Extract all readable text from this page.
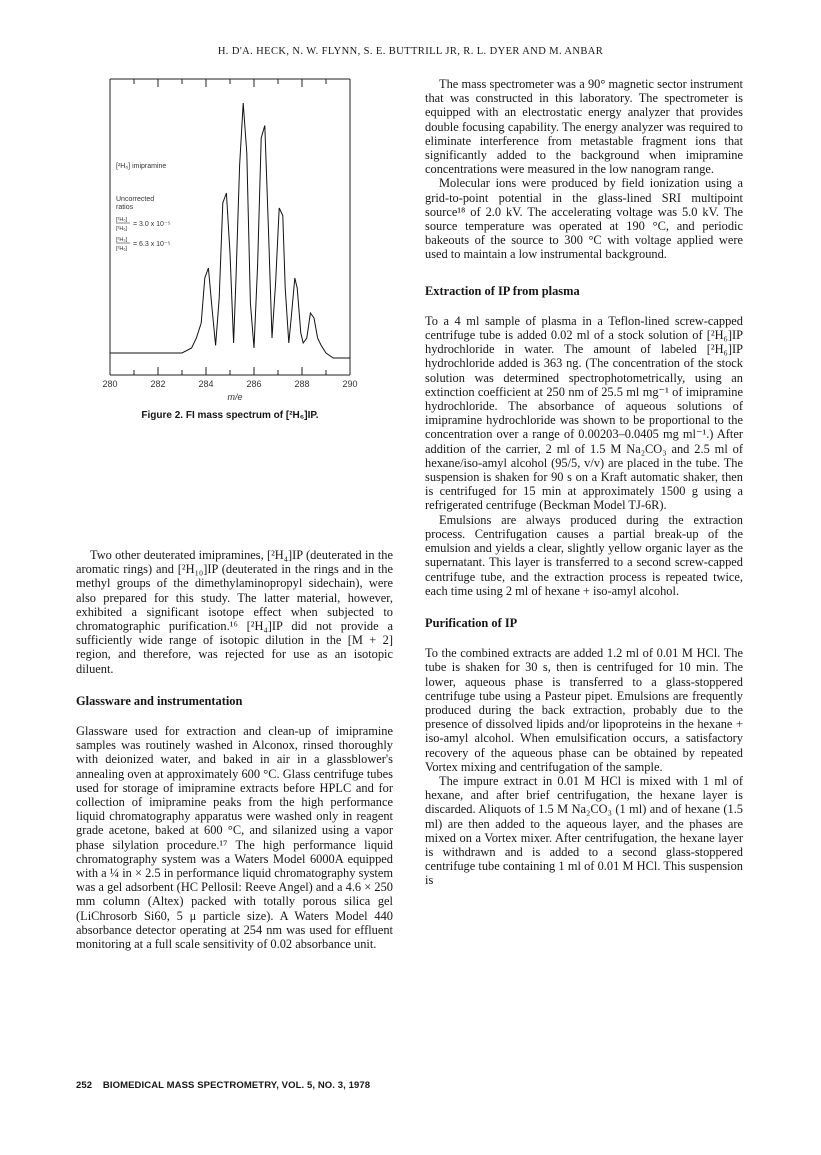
H. D'A. HECK, N. W. FLYNN, S. E. BUTTRILL JR, R. L. DYER AND M. ANBAR
280	282	284	286	288	290
m/e
[²H₆] imipramine
Uncorrected
ratios
[²H₀]
[²H₆]
= 3.0 x 10⁻⁵
[²H₃]
[²H₆]
= 6.3 x 10⁻⁵
Figure 2. FI mass spectrum of [²H₆]IP.

Two other deuterated imipramines, [²H₄]IP (deuterated in the aromatic rings) and [²H₁₀]IP (deuterated in the rings and in the methyl groups of the dimethylaminopropyl sidechain), were also prepared for this study. The latter material, however, exhibited a significant isotope effect when subjected to chromatographic purification.¹⁶ [²H₄]IP did not provide a sufficiently wide range of isotopic dilution in the [M + 2] region, and therefore, was rejected for use as an isotopic diluent.

Glassware and instrumentation

Glassware used for extraction and clean-up of imipramine samples was routinely washed in Alconox, rinsed thoroughly with deionized water, and baked in air in a glassblower's annealing oven at approximately 600 °C. Glass centrifuge tubes used for storage of imipramine extracts before HPLC and for collection of imipramine peaks from the high performance liquid chromatography apparatus were washed only in reagent grade acetone, baked at 600 °C, and silanized using a vapor phase silylation procedure.¹⁷ The high performance liquid chromatography system was a Waters Model 6000A equipped with a ¼ in × 2.5 in performance liquid chromatography system was a gel adsorbent (HC Pellosil: Reeve Angel) and a 4.6 × 250 mm column (Altex) packed with totally porous silica gel (LiChrosorb Si60, 5 μ particle size). A Waters Model 440 absorbance detector operating at 254 nm was used for effluent monitoring at a full scale sensitivity of 0.02 absorbance unit.

The mass spectrometer was a 90° magnetic sector instrument that was constructed in this laboratory. The spectrometer is equipped with an electrostatic energy analyzer that provides double focusing capability. The energy analyzer was required to eliminate interference from metastable fragment ions that significantly added to the background when imipramine concentrations were measured in the low nanogram range.

Molecular ions were produced by field ionization using a grid-to-point potential in the glass-lined SRI multipoint source¹⁸ of 2.0 kV. The accelerating voltage was 5.0 kV. The source temperature was operated at 190 °C, and periodic bakeouts of the source to 300 °C with voltage applied were used to maintain a low instrumental background.

Extraction of IP from plasma

To a 4 ml sample of plasma in a Teflon-lined screw-capped centrifuge tube is added 0.02 ml of a stock solution of [²H₆]IP hydrochloride in water. The amount of labeled [²H₆]IP hydrochloride added is 363 ng. (The concentration of the stock solution was determined spectrophotometrically, using an extinction coefficient at 250 nm of 25.5 ml mg⁻¹ of imipramine hydrochloride. The absorbance of aqueous solutions of imipramine hydrochloride was shown to be proportional to the concentration over a range of 0.00203–0.0405 mg ml⁻¹.) After addition of the carrier, 2 ml of 1.5 M Na₂CO₃ and 2.5 ml of hexane/iso-amyl alcohol (95/5, v/v) are placed in the tube. The suspension is shaken for 90 s on a Kraft automatic shaker, then is centrifuged for 15 min at approximately 1500 g using a refrigerated centrifuge (Beckman Model TJ-6R).

Emulsions are always produced during the extraction process. Centrifugation causes a partial break-up of the emulsion and yields a clear, slightly yellow organic layer as the supernatant. This layer is transferred to a second screw-capped centrifuge tube, and the extraction process is repeated twice, each time using 2 ml of hexane + iso-amyl alcohol.

Purification of IP

To the combined extracts are added 1.2 ml of 0.01 M HCl. The tube is shaken for 30 s, then is centrifuged for 10 min. The lower, aqueous phase is transferred to a glass-stoppered centrifuge tube using a Pasteur pipet. Emulsions are frequently produced during the back extraction, probably due to the presence of dissolved lipids and/or lipoproteins in the hexane + iso-amyl alcohol. When emulsification occurs, a satisfactory recovery of the aqueous phase can be obtained by repeated Vortex mixing and centrifugation of the sample.

The impure extract in 0.01 M HCl is mixed with 1 ml of hexane, and after brief centrifugation, the hexane layer is discarded. Aliquots of 1.5 M Na₂CO₃ (1 ml) and of hexane (1.5 ml) are then added to the aqueous layer, and the phases are mixed on a Vortex mixer. After centrifugation, the hexane layer is withdrawn and is added to a second glass-stoppered centrifuge tube containing 1 ml of 0.01 M HCl. This suspension is

252 BIOMEDICAL MASS SPECTROMETRY, VOL. 5, NO. 3, 1978
